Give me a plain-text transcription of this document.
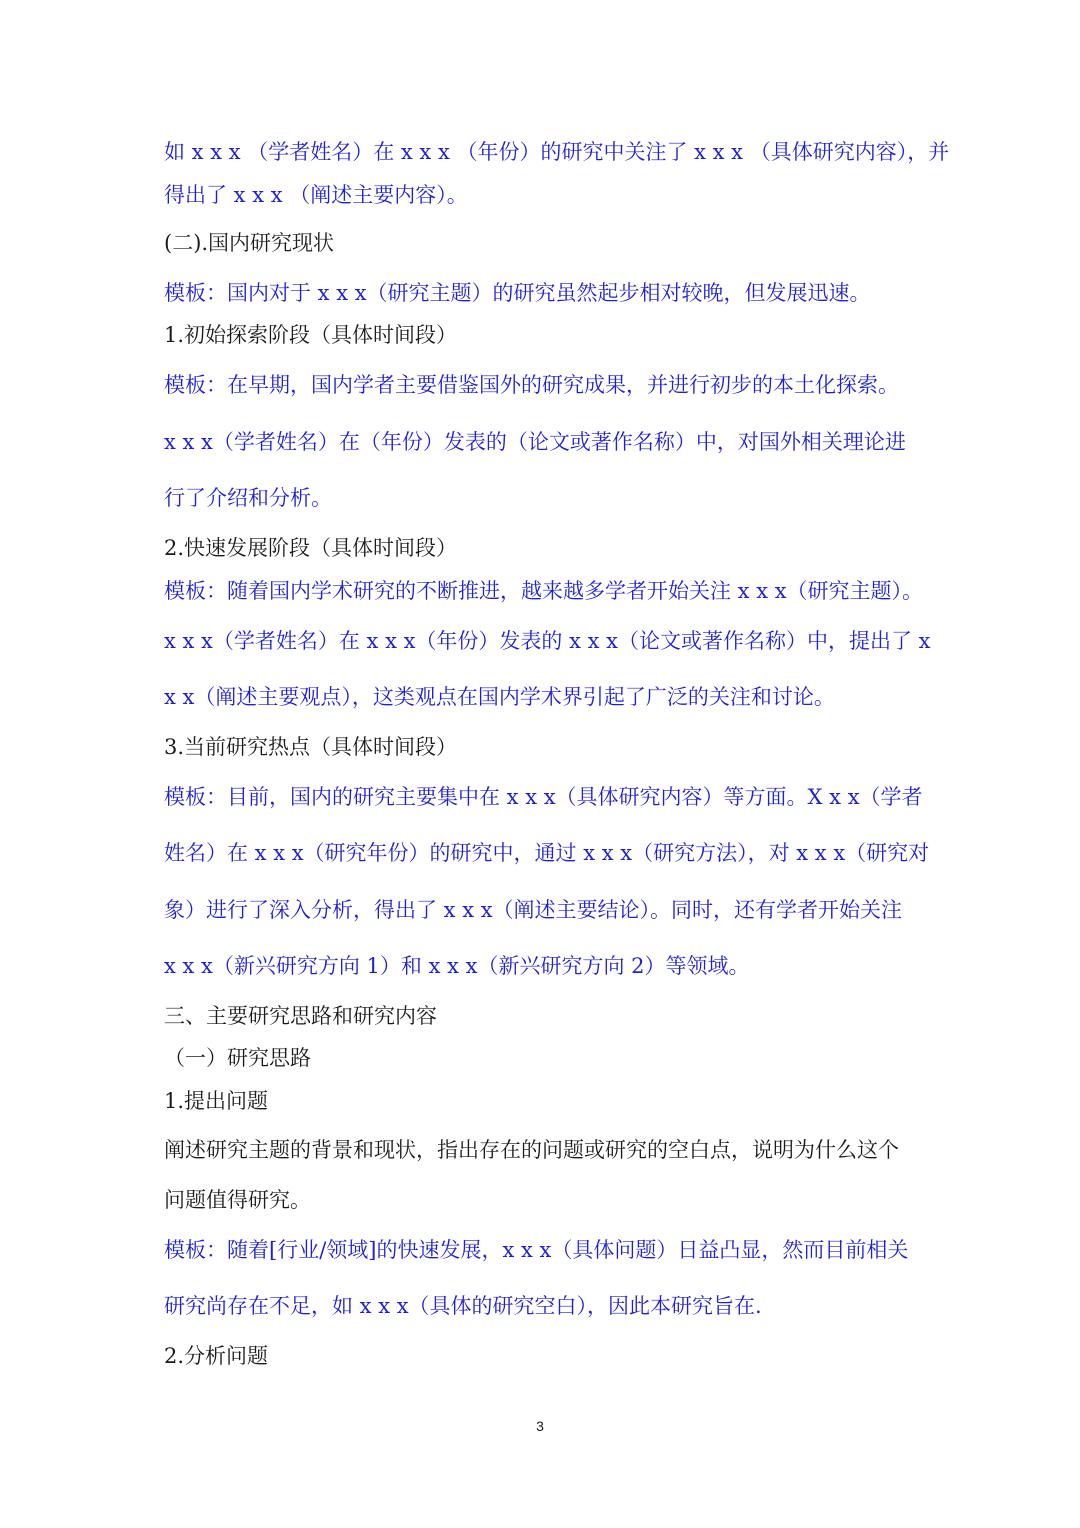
如 x x x （学者姓名）在 x x x （年份）的研究中关注了 x x x （具体研究内容），并
得出了 x x x （阐述主要内容）。
(二).国内研究现状
模板：国内对于 x x x（研究主题）的研究虽然起步相对较晚，但发展迅速。
1.初始探索阶段（具体时间段）
模板：在早期，国内学者主要借鉴国外的研究成果，并进行初步的本土化探索。
x x x（学者姓名）在（年份）发表的（论文或著作名称）中，对国外相关理论进
行了介绍和分析。
2.快速发展阶段（具体时间段）
模板：随着国内学术研究的不断推进，越来越多学者开始关注 x x x（研究主题）。
x x x（学者姓名）在 x x x（年份）发表的 x x x（论文或著作名称）中，提出了 x
x x（阐述主要观点），这类观点在国内学术界引起了广泛的关注和讨论。
3.当前研究热点（具体时间段）
模板：目前，国内的研究主要集中在 x x x（具体研究内容）等方面。X x x（学者
姓名）在 x x x（研究年份）的研究中，通过 x x x（研究方法），对 x x x（研究对
象）进行了深入分析，得出了 x x x（阐述主要结论）。同时，还有学者开始关注
x x x（新兴研究方向 1）和 x x x（新兴研究方向 2）等领域。
三、主要研究思路和研究内容
（一）研究思路
1.提出问题
阐述研究主题的背景和现状，指出存在的问题或研究的空白点，说明为什么这个
问题值得研究。
模板：随着[行业/领域]的快速发展，x x x（具体问题）日益凸显，然而目前相关
研究尚存在不足，如 x x x（具体的研究空白），因此本研究旨在.
2.分析问题
3
